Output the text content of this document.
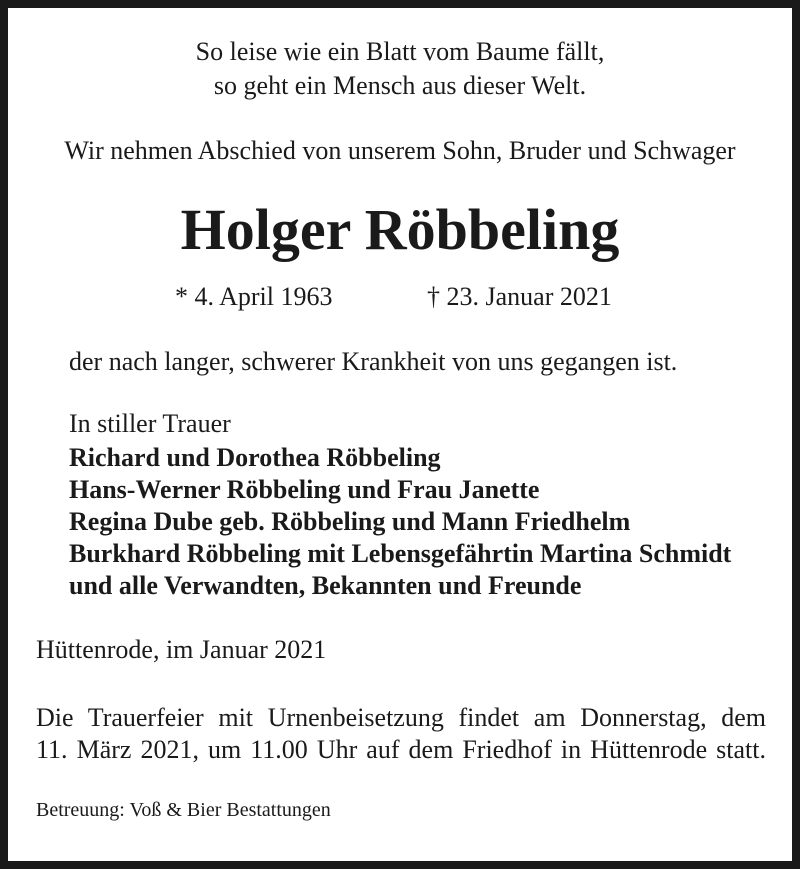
So leise wie ein Blatt vom Baume fällt,
so geht ein Mensch aus dieser Welt.
Wir nehmen Abschied von unserem Sohn, Bruder und Schwager
Holger Röbbeling
* 4. April 1963	† 23. Januar 2021
der nach langer, schwerer Krankheit von uns gegangen ist.
In stiller Trauer
Richard und Dorothea Röbbeling
Hans-Werner Röbbeling und Frau Janette
Regina Dube geb. Röbbeling und Mann Friedhelm
Burkhard Röbbeling mit Lebensgefährtin Martina Schmidt
und alle Verwandten, Bekannten und Freunde
Hüttenrode, im Januar 2021
Die Trauerfeier mit Urnenbeisetzung findet am Donnerstag, dem
11. März 2021, um 11.00 Uhr auf dem Friedhof in Hüttenrode statt.
Betreuung: Voß & Bier Bestattungen
